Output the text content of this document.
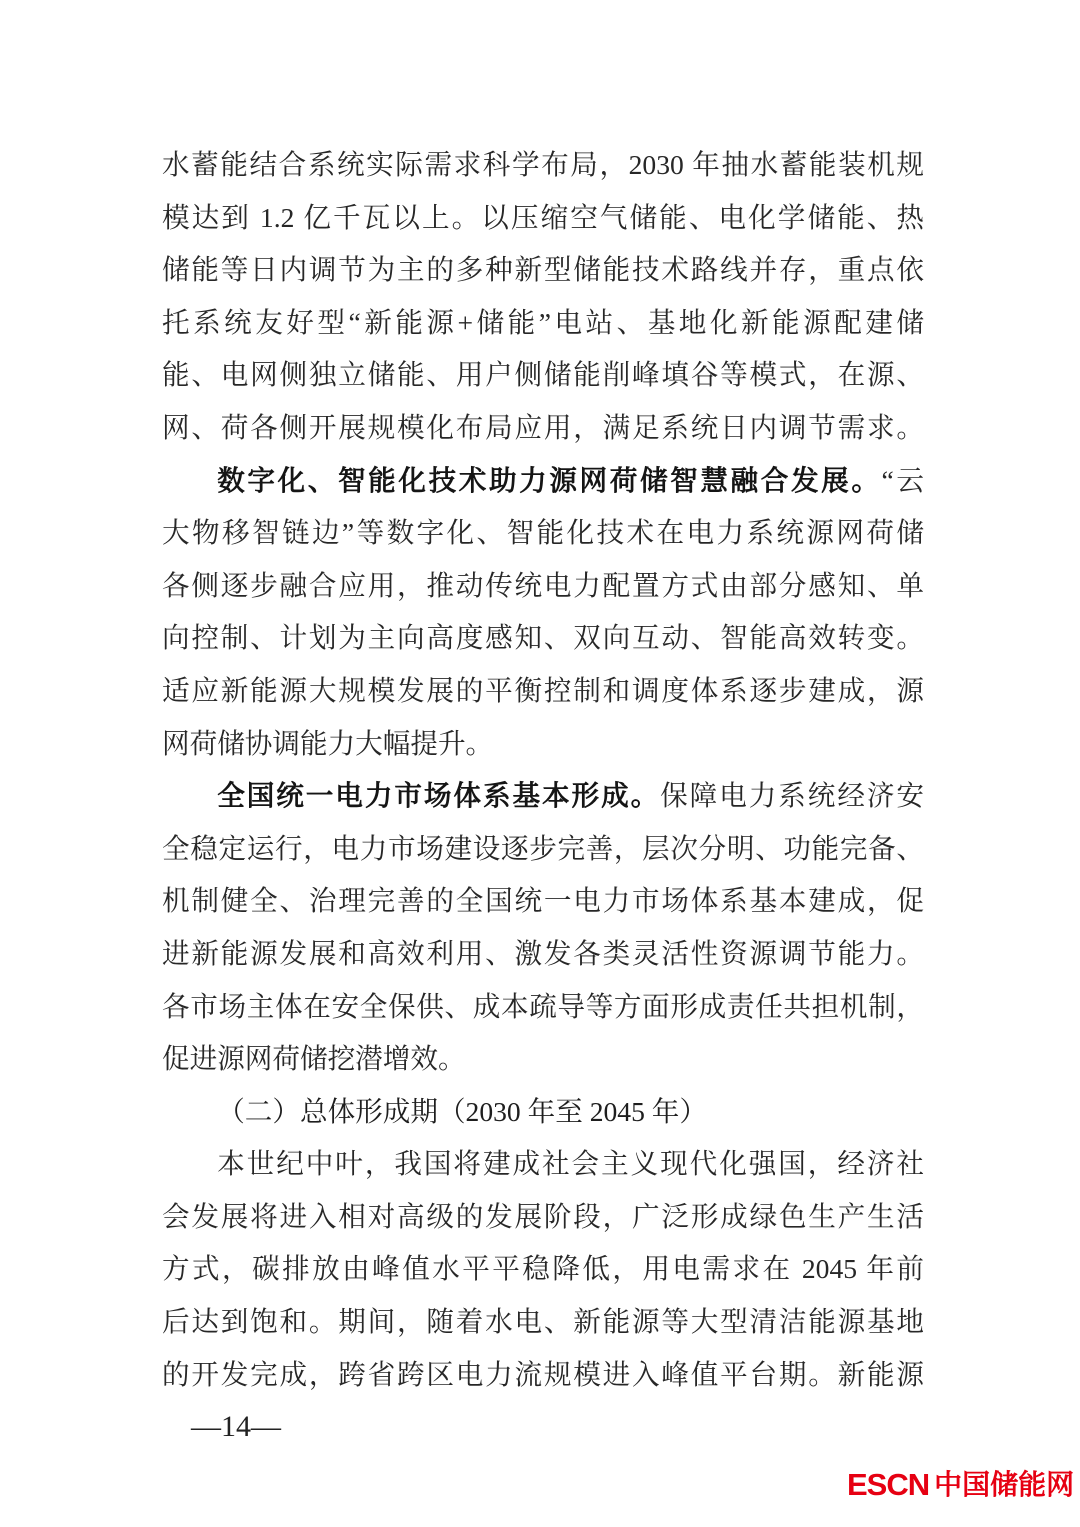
水蓄能结合系统实际需求科学布局，2030 年抽水蓄能装机规
模达到 1.2 亿千瓦以上。以压缩空气储能、电化学储能、热
储能等日内调节为主的多种新型储能技术路线并存，重点依
托系统友好型“新能源+储能”电站、基地化新能源配建储
能、电网侧独立储能、用户侧储能削峰填谷等模式，在源、
网、荷各侧开展规模化布局应用，满足系统日内调节需求。
数字化、智能化技术助力源网荷储智慧融合发展。“云
大物移智链边”等数字化、智能化技术在电力系统源网荷储
各侧逐步融合应用，推动传统电力配置方式由部分感知、单
向控制、计划为主向高度感知、双向互动、智能高效转变。
适应新能源大规模发展的平衡控制和调度体系逐步建成，源
网荷储协调能力大幅提升。
全国统一电力市场体系基本形成。保障电力系统经济安
全稳定运行，电力市场建设逐步完善，层次分明、功能完备、
机制健全、治理完善的全国统一电力市场体系基本建成，促
进新能源发展和高效利用、激发各类灵活性资源调节能力。
各市场主体在安全保供、成本疏导等方面形成责任共担机制，
促进源网荷储挖潜增效。
（二）总体形成期（2030 年至 2045 年）
本世纪中叶，我国将建成社会主义现代化强国，经济社
会发展将进入相对高级的发展阶段，广泛形成绿色生产生活
方式，碳排放由峰值水平平稳降低，用电需求在 2045 年前
后达到饱和。期间，随着水电、新能源等大型清洁能源基地
的开发完成，跨省跨区电力流规模进入峰值平台期。新能源
—14—
ESCN 中国储能网
